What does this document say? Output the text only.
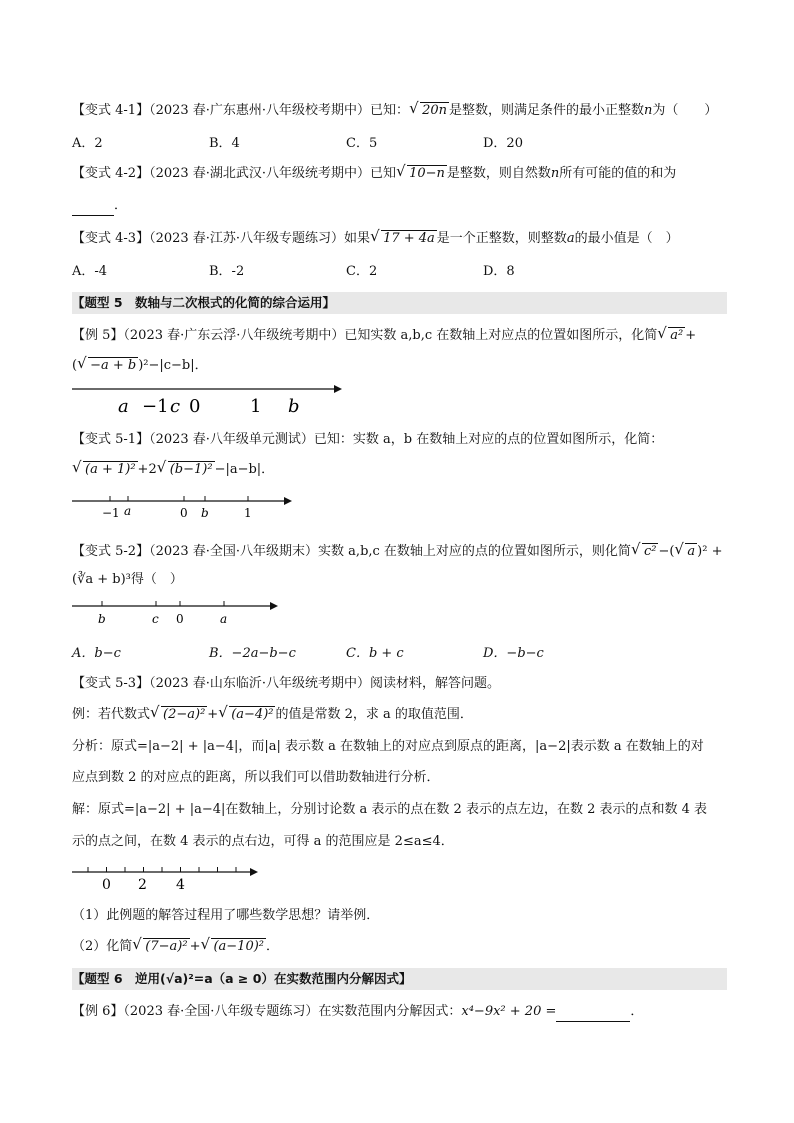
【变式 4-1】（2023 春·广东惠州·八年级校考期中）已知： √ 20n 是整数，则满足条件的最小正整数n为（　　）
A．2	B．4	C．5	D．20
【变式 4-2】（2023 春·湖北武汉·八年级统考期中）已知 √ 10−n 是整数，则自然数n所有可能的值的和为
．
【变式 4-3】（2023 春·江苏·八年级专题练习）如果 √ 17 + 4a 是一个正整数，则整数a的最小值是（　）
A．-4	B．-2	C．2	D．8
【题型 5　数轴与二次根式的化简的综合运用】
【例 5】（2023 春·广东云浮·八年级统考期中）已知实数 a,b,c 在数轴上对应点的位置如图所示，化简 √ a² +
( √ −a + b )²−|c−b|．
a −1 c 0	1 b
【变式 5-1】（2023 春·八年级单元测试）已知：实数 a，b 在数轴上对应的点的位置如图所示，化简：
√ (a + 1)² +2 √ (b−1)² −|a−b|．
−1 a	0 b	1
【变式 5-2】（2023 春·全国·八年级期末）实数 a,b,c 在数轴上对应的点的位置如图所示，则化简 √ c² −( √ a )² +
(∛a + b)³得（　）
b	c 0	a
A．b−c	B．−2a−b−c	C．b + c	D．−b−c
【变式 5-3】（2023 春·山东临沂·八年级统考期中）阅读材料，解答问题。
例：若代数式 √ (2−a)² + √ (a−4)² 的值是常数 2，求 a 的取值范围．
分析：原式=|a−2| + |a−4|，而|a| 表示数 a 在数轴上的对应点到原点的距离，|a−2|表示数 a 在数轴上的对
应点到数 2 的对应点的距离，所以我们可以借助数轴进行分析．
解：原式=|a−2| + |a−4|在数轴上，分别讨论数 a 表示的点在数 2 表示的点左边，在数 2 表示的点和数 4 表
示的点之间，在数 4 表示的点右边，可得 a 的范围应是 2≤a≤4．
0 2 4
（1）此例题的解答过程用了哪些数学思想？请举例．
（2）化简 √ (7−a)² + √ (a−10)² ．
【题型 6　逆用(√a)²=a（a ≥ 0）在实数范围内分解因式】
【例 6】（2023 春·全国·八年级专题练习）在实数范围内分解因式：x⁴−9x² + 20 =	．
